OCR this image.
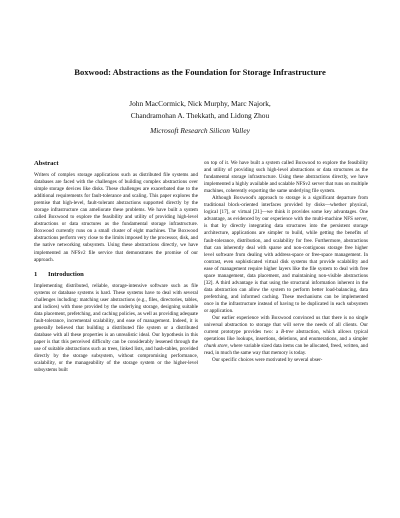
Boxwood: Abstractions as the Foundation for Storage Infrastructure
John MacCormick, Nick Murphy, Marc Najork,
Chandramohan A. Thekkath, and Lidong Zhou
Microsoft Research Silicon Valley
Abstract

Writers of complex storage applications such as distributed file systems and databases are faced with the challenges of building complex abstractions over simple storage devices like disks. These challenges are exacerbated due to the additional requirements for fault-tolerance and scaling. This paper explores the premise that high-level, fault-tolerant abstractions supported directly by the storage infrastructure can ameliorate these problems. We have built a system called Boxwood to explore the feasibility and utility of providing high-level abstractions or data structures as the fundamental storage infrastructure. Boxwood currently runs on a small cluster of eight machines. The Boxwood abstractions perform very close to the limits imposed by the processor, disk, and the native networking subsystem. Using these abstractions directly, we have implemented an NFSv2 file service that demonstrates the promise of our approach.

1 Introduction

Implementing distributed, reliable, storage-intensive software such as file systems or database systems is hard. These systems have to deal with several challenges including: matching user abstractions (e.g., files, directories, tables, and indices) with those provided by the underlying storage, designing suitable data placement, prefetching, and caching policies, as well as providing adequate fault-tolerance, incremental scalability, and ease of management. Indeed, it is generally believed that building a distributed file system or a distributed database with all these properties is an unrealistic ideal. Our hypothesis in this paper is that this perceived difficulty can be considerably lessened through the use of suitable abstractions such as trees, linked lists, and hash-tables, provided directly by the storage subsystem, without compromising performance, scalability, or the manageability of the storage system or the higher-level subsystems built

on top of it. We have built a system called Boxwood to explore the feasibility and utility of providing such high-level abstractions or data structures as the fundamental storage infrastructure. Using these abstractions directly, we have implemented a highly available and scalable NFSv2 server that runs on multiple machines, coherently exporting the same underlying file system.

Although Boxwood's approach to storage is a significant departure from traditional block-oriented interfaces provided by disks—whether physical, logical [17], or virtual [21]—we think it provides some key advantages. One advantage, as evidenced by our experience with the multi-machine NFS server, is that by directly integrating data structures into the persistent storage architecture, applications are simpler to build, while getting the benefits of fault-tolerance, distribution, and scalability for free. Furthermore, abstractions that can inherently deal with sparse and non-contiguous storage free higher level software from dealing with address-space or free-space management. In contrast, even sophisticated virtual disk systems that provide scalability and ease of management require higher layers like the file system to deal with free space management, data placement, and maintaining non-visible abstractions [32]. A third advantage is that using the structural information inherent in the data abstraction can allow the system to perform better load-balancing, data prefetching, and informed caching. These mechanisms can be implemented once in the infrastructure instead of having to be duplicated in each subsystem or application.

Our earlier experience with Boxwood convinced us that there is no single universal abstraction to storage that will serve the needs of all clients. Our current prototype provides two: a B-tree abstraction, which allows typical operations like lookups, insertions, deletions, and enumerations, and a simpler chunk store, where variable sized data items can be allocated, freed, written, and read, in much the same way that memory is today.

Our specific choices were motivated by several obser-
